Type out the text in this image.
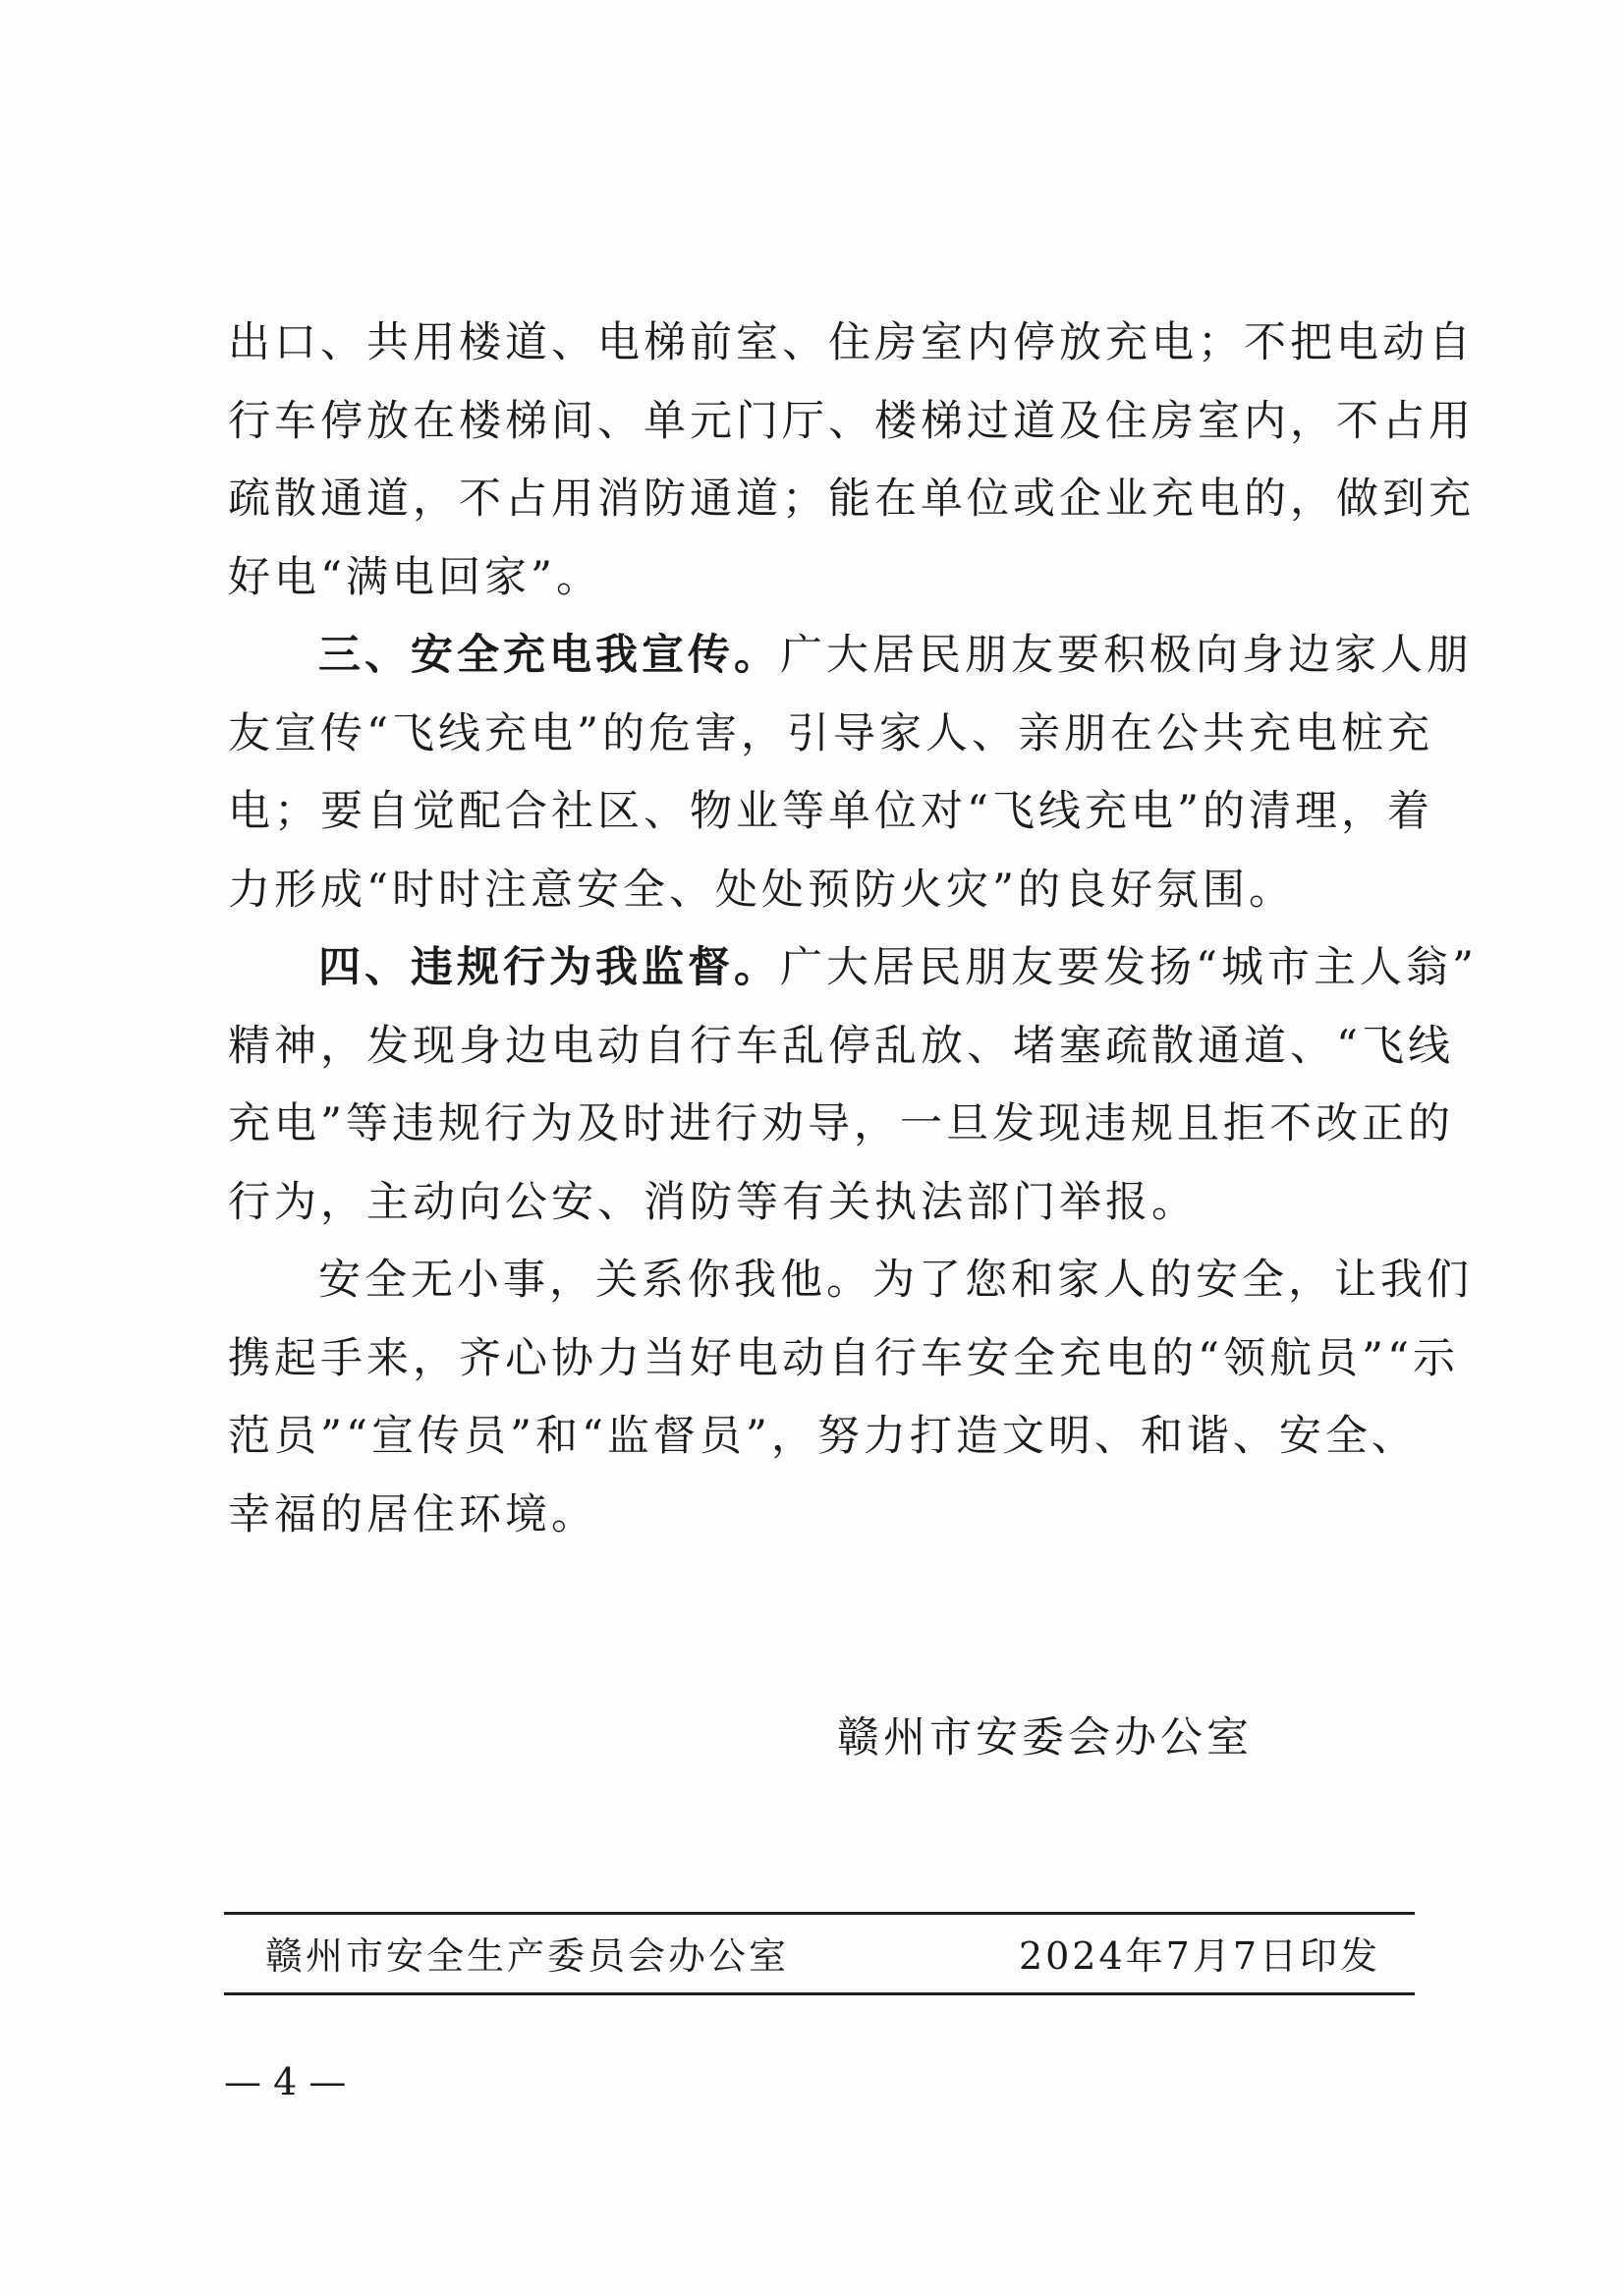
出口、共用楼道、电梯前室、住房室内停放充电；不把电动自
行车停放在楼梯间、单元门厅、楼梯过道及住房室内，不占用
疏散通道，不占用消防通道；能在单位或企业充电的，做到充
好电“满电回家”。
三、安全充电我宣传。广大居民朋友要积极向身边家人朋
友宣传“飞线充电”的危害，引导家人、亲朋在公共充电桩充
电；要自觉配合社区、物业等单位对“飞线充电”的清理，着
力形成“时时注意安全、处处预防火灾”的良好氛围。
四、违规行为我监督。广大居民朋友要发扬“城市主人翁”
精神，发现身边电动自行车乱停乱放、堵塞疏散通道、“飞线
充电”等违规行为及时进行劝导，一旦发现违规且拒不改正的
行为，主动向公安、消防等有关执法部门举报。
安全无小事，关系你我他。为了您和家人的安全，让我们
携起手来，齐心协力当好电动自行车安全充电的“领航员”“示
范员”“宣传员”和“监督员”，努力打造文明、和谐、安全、
幸福的居住环境。
赣州市安委会办公室
赣州市安全生产委员会办公室	2024年7月7日印发
— 4 —
